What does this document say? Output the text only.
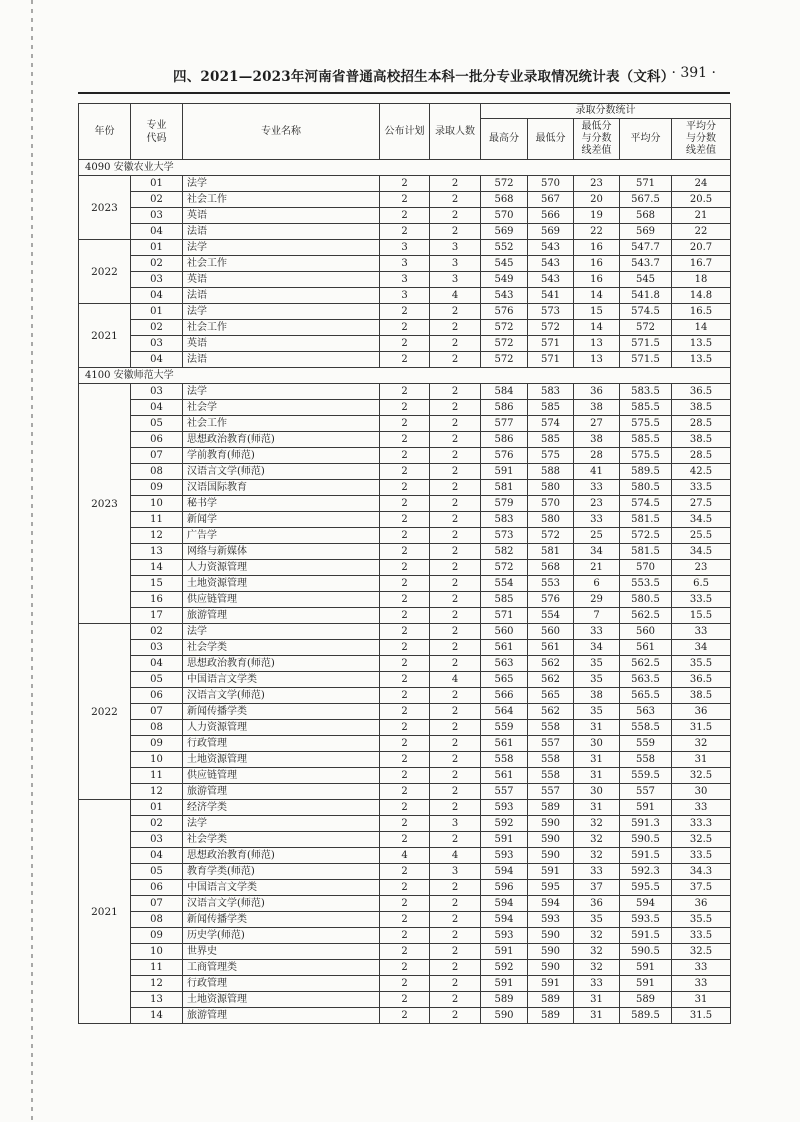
四、2021—2023年河南省普通高校招生本科一批分专业录取情况统计表（文科）
· 391 ·
年份	专业代码	专业名称	公布计划	录取人数	录取分数统计				
					最高分	最低分	最低分与分数线差值	平均分	平均分与分数线差值

4090 安徽农业大学									
2023	01	法学	2	2	572	570	23	571	24
	02	社会工作	2	2	568	567	20	567.5	20.5
	03	英语	2	2	570	566	19	568	21
	04	法语	2	2	569	569	22	569	22
2022	01	法学	3	3	552	543	16	547.7	20.7
	02	社会工作	3	3	545	543	16	543.7	16.7
	03	英语	3	3	549	543	16	545	18
	04	法语	3	4	543	541	14	541.8	14.8
2021	01	法学	2	2	576	573	15	574.5	16.5
	02	社会工作	2	2	572	572	14	572	14
	03	英语	2	2	572	571	13	571.5	13.5
	04	法语	2	2	572	571	13	571.5	13.5
4100 安徽师范大学									
2023	03	法学	2	2	584	583	36	583.5	36.5
	04	社会学	2	2	586	585	38	585.5	38.5
	05	社会工作	2	2	577	574	27	575.5	28.5
	06	思想政治教育(师范)	2	2	586	585	38	585.5	38.5
	07	学前教育(师范)	2	2	576	575	28	575.5	28.5
	08	汉语言文学(师范)	2	2	591	588	41	589.5	42.5
	09	汉语国际教育	2	2	581	580	33	580.5	33.5
	10	秘书学	2	2	579	570	23	574.5	27.5
	11	新闻学	2	2	583	580	33	581.5	34.5
	12	广告学	2	2	573	572	25	572.5	25.5
	13	网络与新媒体	2	2	582	581	34	581.5	34.5
	14	人力资源管理	2	2	572	568	21	570	23
	15	土地资源管理	2	2	554	553	6	553.5	6.5
	16	供应链管理	2	2	585	576	29	580.5	33.5
	17	旅游管理	2	2	571	554	7	562.5	15.5
2022	02	法学	2	2	560	560	33	560	33
	03	社会学类	2	2	561	561	34	561	34
	04	思想政治教育(师范)	2	2	563	562	35	562.5	35.5
	05	中国语言文学类	2	4	565	562	35	563.5	36.5
	06	汉语言文学(师范)	2	2	566	565	38	565.5	38.5
	07	新闻传播学类	2	2	564	562	35	563	36
	08	人力资源管理	2	2	559	558	31	558.5	31.5
	09	行政管理	2	2	561	557	30	559	32
	10	土地资源管理	2	2	558	558	31	558	31
	11	供应链管理	2	2	561	558	31	559.5	32.5
	12	旅游管理	2	2	557	557	30	557	30
2021	01	经济学类	2	2	593	589	31	591	33
	02	法学	2	3	592	590	32	591.3	33.3
	03	社会学类	2	2	591	590	32	590.5	32.5
	04	思想政治教育(师范)	4	4	593	590	32	591.5	33.5
	05	教育学类(师范)	2	3	594	591	33	592.3	34.3
	06	中国语言文学类	2	2	596	595	37	595.5	37.5
	07	汉语言文学(师范)	2	2	594	594	36	594	36
	08	新闻传播学类	2	2	594	593	35	593.5	35.5
	09	历史学(师范)	2	2	593	590	32	591.5	33.5
	10	世界史	2	2	591	590	32	590.5	32.5
	11	工商管理类	2	2	592	590	32	591	33
	12	行政管理	2	2	591	591	33	591	33
	13	土地资源管理	2	2	589	589	31	589	31
	14	旅游管理	2	2	590	589	31	589.5	31.5
